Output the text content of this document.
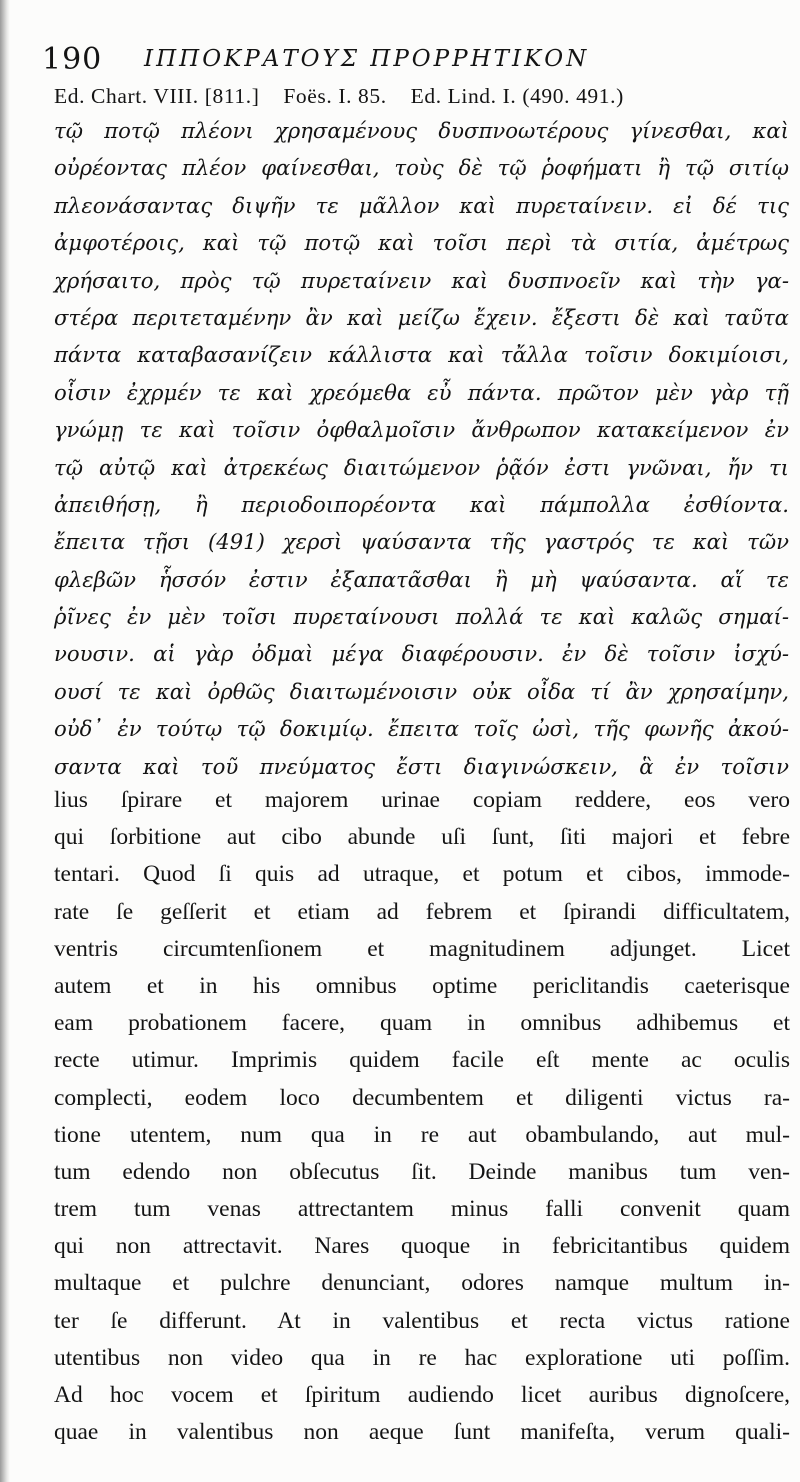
190 ΙΠΠΟΚΡΑΤΟΥΣ ΠΡΟΡΡΗΤΙΚΟΝ
Ed. Chart. VIII. [811.]    Foës. I. 85.    Ed. Lind. I. (490. 491.)
τῷ ποτῷ πλέονι χρησαμένους δυσπνοωτέρους γίνεσθαι, καὶ
οὐρέοντας πλέον φαίνεσθαι, τοὺς δὲ τῷ ῥοφήματι ἢ τῷ σιτίῳ
πλεονάσαντας διψῆν τε μᾶλλον καὶ πυρεταίνειν. εἰ δέ τις
ἀμφοτέροις, καὶ τῷ ποτῷ καὶ τοῖσι περὶ τὰ σιτία, ἀμέτρως
χρήσαιτο, πρὸς τῷ πυρεταίνειν καὶ δυσπνοεῖν καὶ τὴν γα-
στέρα περιτεταμένην ἂν καὶ μείζω ἔχειν. ἔξεστι δὲ καὶ ταῦτα
πάντα καταβασανίζειν κάλλιστα καὶ τἄλλα τοῖσιν δοκιμίοισι,
οἷσιν ἐχρμέν τε καὶ χρεόμεθα εὖ πάντα. πρῶτον μὲν γὰρ τῇ
γνώμῃ τε καὶ τοῖσιν ὀφθαλμοῖσιν ἄνθρωπον κατακείμενον ἐν
τῷ αὐτῷ καὶ ἀτρεκέως διαιτώμενον ῥᾷόν ἐστι γνῶναι, ἤν τι
ἀπειθήσῃ, ἢ περιοδοιπορέοντα καὶ πάμπολλα ἐσθίοντα.
ἔπειτα τῇσι (491) χερσὶ ψαύσαντα τῆς γαστρός τε καὶ τῶν
φλεβῶν ἧσσόν ἐστιν ἐξαπατᾶσθαι ἢ μὴ ψαύσαντα. αἵ τε
ῥῖνες ἐν μὲν τοῖσι πυρεταίνουσι πολλά τε καὶ καλῶς σημαί-
νουσιν. αἱ γὰρ ὀδμαὶ μέγα διαφέρουσιν. ἐν δὲ τοῖσιν ἰσχύ-
ουσί τε καὶ ὀρθῶς διαιτωμένοισιν οὐκ οἶδα τί ἂν χρησαίμην,
οὐδ᾽ ἐν τούτῳ τῷ δοκιμίῳ. ἔπειτα τοῖς ὠσὶ, τῆς φωνῆς ἀκού-
σαντα καὶ τοῦ πνεύματος ἔστι διαγινώσκειν, ἃ ἐν τοῖσιν
lius ſpirare et majorem urinae copiam reddere, eos vero
qui ſorbitione aut cibo abunde uſi ſunt, ſiti majori et febre
tentari. Quod ſi quis ad utraque, et potum et cibos, immode-
rate ſe geſſerit et etiam ad febrem et ſpirandi difficultatem,
ventris circumtenſionem et magnitudinem adjunget. Licet
autem et in his omnibus optime periclitandis caeterisque
eam probationem facere, quam in omnibus adhibemus et
recte utimur. Imprimis quidem facile eſt mente ac oculis
complecti, eodem loco decumbentem et diligenti victus ra-
tione utentem, num qua in re aut obambulando, aut mul-
tum edendo non obſecutus ſit. Deinde manibus tum ven-
trem tum venas attrectantem minus falli convenit quam
qui non attrectavit. Nares quoque in febricitantibus quidem
multaque et pulchre denunciant, odores namque multum in-
ter ſe differunt. At in valentibus et recta victus ratione
utentibus non video qua in re hac exploratione uti poſſim.
Ad hoc vocem et ſpiritum audiendo licet auribus dignoſcere,
quae in valentibus non aeque ſunt manifeſta, verum quali-
